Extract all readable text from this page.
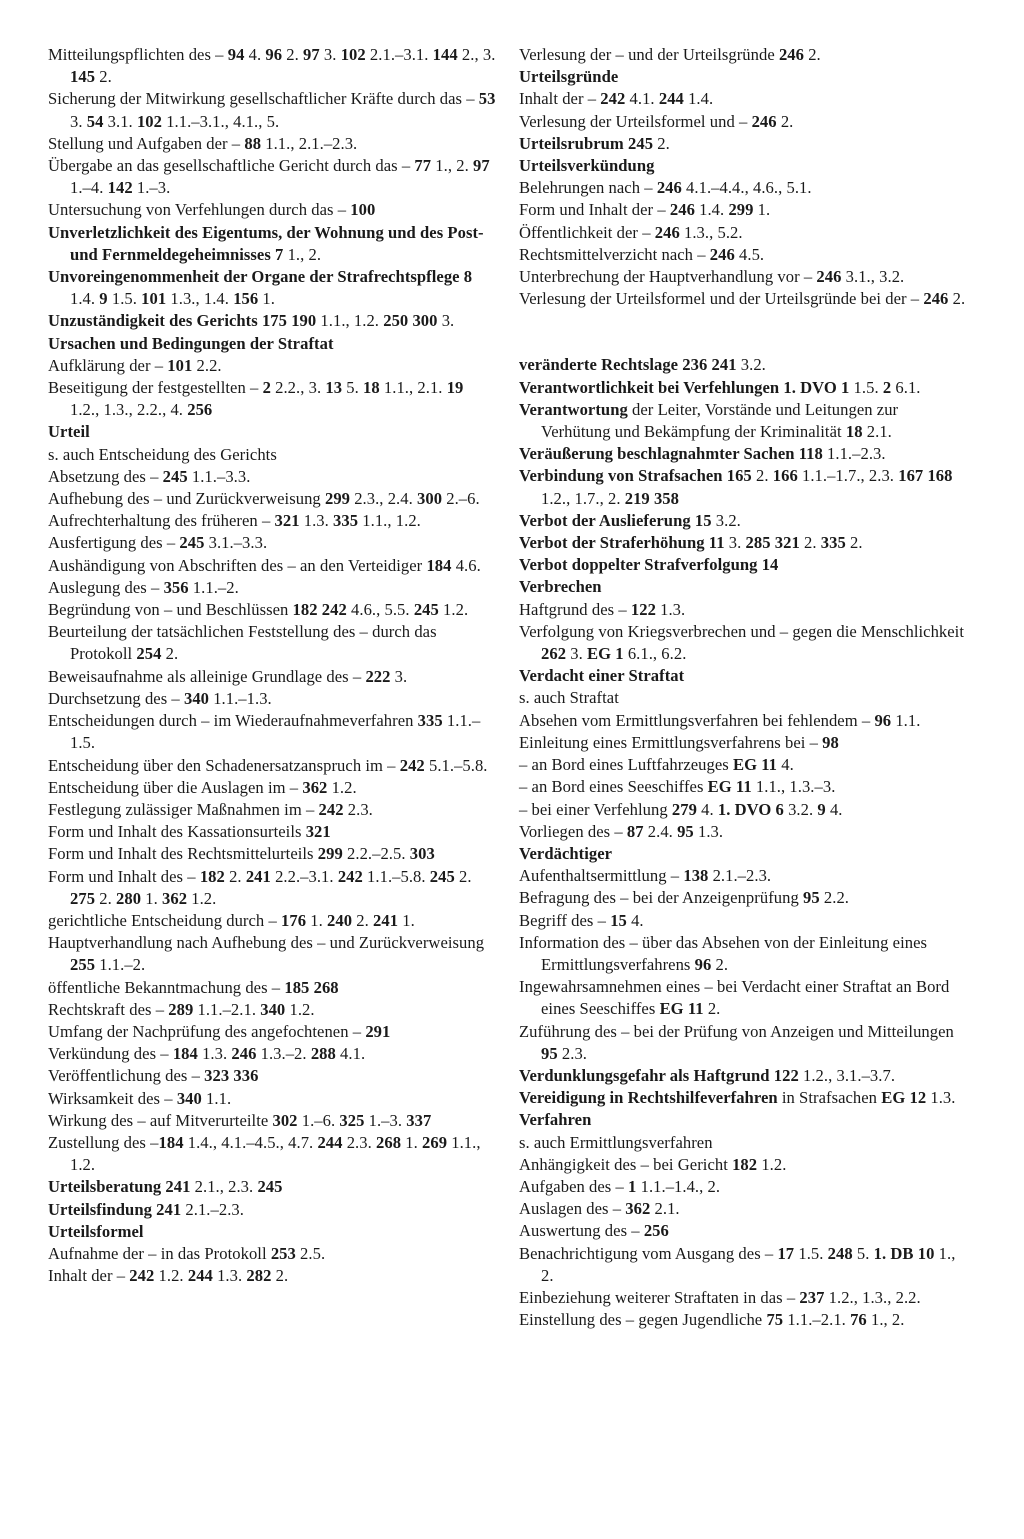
Mitteilungspflichten des – 94 4. 96 2. 97 3. 102 2.1.–3.1. 144 2., 3. 145 2.
Sicherung der Mitwirkung gesellschaftlicher Kräfte durch das – 53 3. 54 3.1. 102 1.1.–3.1., 4.1., 5.
Stellung und Aufgaben der – 88 1.1., 2.1.–2.3.
Übergabe an das gesellschaftliche Gericht durch das – 77 1., 2. 97 1.–4. 142 1.–3.
Untersuchung von Verfehlungen durch das – 100
Unverletzlichkeit des Eigentums, der Wohnung und des Post- und Fernmeldegeheimnisses 7 1., 2.
Unvoreingenommenheit der Organe der Strafrechtspflege 8 1.4. 9 1.5. 101 1.3., 1.4. 156 1.
Unzuständigkeit des Gerichts 175 190 1.1., 1.2. 250 300 3.
Ursachen und Bedingungen der Straftat
Aufklärung der – 101 2.2.
Beseitigung der festgestellten – 2 2.2., 3. 13 5. 18 1.1., 2.1. 19 1.2., 1.3., 2.2., 4. 256
Urteil
s. auch Entscheidung des Gerichts
Absetzung des – 245 1.1.–3.3.
Aufhebung des – und Zurückverweisung 299 2.3., 2.4. 300 2.–6.
Aufrechterhaltung des früheren – 321 1.3. 335 1.1., 1.2.
Ausfertigung des – 245 3.1.–3.3.
Aushändigung von Abschriften des – an den Verteidiger 184 4.6.
Auslegung des – 356 1.1.–2.
Begründung von – und Beschlüssen 182 242 4.6., 5.5. 245 1.2.
Beurteilung der tatsächlichen Feststellung des – durch das Protokoll 254 2.
Beweisaufnahme als alleinige Grundlage des – 222 3.
Durchsetzung des – 340 1.1.–1.3.
Entscheidungen durch – im Wiederaufnahmeverfahren 335 1.1.–1.5.
Entscheidung über den Schadenersatzanspruch im – 242 5.1.–5.8.
Entscheidung über die Auslagen im – 362 1.2.
Festlegung zulässiger Maßnahmen im – 242 2.3.
Form und Inhalt des Kassationsurteils 321
Form und Inhalt des Rechtsmittelurteils 299 2.2.–2.5. 303
Form und Inhalt des – 182 2. 241 2.2.–3.1. 242 1.1.–5.8. 245 2. 275 2. 280 1. 362 1.2.
gerichtliche Entscheidung durch – 176 1. 240 2. 241 1.
Hauptverhandlung nach Aufhebung des – und Zurückverweisung 255 1.1.–2.
öffentliche Bekanntmachung des – 185 268
Rechtskraft des – 289 1.1.–2.1. 340 1.2.
Umfang der Nachprüfung des angefochtenen – 291
Verkündung des – 184 1.3. 246 1.3.–2. 288 4.1.
Veröffentlichung des – 323 336
Wirksamkeit des – 340 1.1.
Wirkung des – auf Mitverurteilte 302 1.–6. 325 1.–3. 337
Zustellung des –184 1.4., 4.1.–4.5., 4.7. 244 2.3. 268 1. 269 1.1., 1.2.
Urteilsberatung 241 2.1., 2.3. 245
Urteilsfindung 241 2.1.–2.3.
Urteilsformel
Aufnahme der – in das Protokoll 253 2.5.
Inhalt der – 242 1.2. 244 1.3. 282 2.
Verlesung der – und der Urteilsgründe 246 2.
Urteilsgründe
Inhalt der – 242 4.1. 244 1.4.
Verlesung der Urteilsformel und – 246 2.
Urteilsrubrum 245 2.
Urteilsverkündung
Belehrungen nach – 246 4.1.–4.4., 4.6., 5.1.
Form und Inhalt der – 246 1.4. 299 1.
Öffentlichkeit der – 246 1.3., 5.2.
Rechtsmittelverzicht nach – 246 4.5.
Unterbrechung der Hauptverhandlung vor – 246 3.1., 3.2.
Verlesung der Urteilsformel und der Urteilsgründe bei der – 246 2.
veränderte Rechtslage 236 241 3.2.
Verantwortlichkeit bei Verfehlungen 1. DVO 1 1.5. 2 6.1.
Verantwortung der Leiter, Vorstände und Leitungen zur Verhütung und Bekämpfung der Kriminalität 18 2.1.
Veräußerung beschlagnahmter Sachen 118 1.1.–2.3.
Verbindung von Strafsachen 165 2. 166 1.1.–1.7., 2.3. 167 168 1.2., 1.7., 2. 219 358
Verbot der Auslieferung 15 3.2.
Verbot der Straferhöhung 11 3. 285 321 2. 335 2.
Verbot doppelter Strafverfolgung 14
Verbrechen
Haftgrund des – 122 1.3.
Verfolgung von Kriegsverbrechen und – gegen die Menschlichkeit 262 3. EG 1 6.1., 6.2.
Verdacht einer Straftat
s. auch Straftat
Absehen vom Ermittlungsverfahren bei fehlendem – 96 1.1.
Einleitung eines Ermittlungsverfahrens bei – 98
– an Bord eines Luftfahrzeuges EG 11 4.
– an Bord eines Seeschiffes EG 11 1.1., 1.3.–3.
– bei einer Verfehlung 279 4. 1. DVO 6 3.2. 9 4.
Vorliegen des – 87 2.4. 95 1.3.
Verdächtiger
Aufenthaltsermittlung – 138 2.1.–2.3.
Befragung des – bei der Anzeigenprüfung 95 2.2.
Begriff des – 15 4.
Information des – über das Absehen von der Einleitung eines Ermittlungsverfahrens 96 2.
Ingewahrsamnehmen eines – bei Verdacht einer Straftat an Bord eines Seeschiffes EG 11 2.
Zuführung des – bei der Prüfung von Anzeigen und Mitteilungen 95 2.3.
Verdunklungsgefahr als Haftgrund 122 1.2., 3.1.–3.7.
Vereidigung in Rechtshilfeverfahren in Strafsachen EG 12 1.3.
Verfahren
s. auch Ermittlungsverfahren
Anhängigkeit des – bei Gericht 182 1.2.
Aufgaben des – 1 1.1.–1.4., 2.
Auslagen des – 362 2.1.
Auswertung des – 256
Benachrichtigung vom Ausgang des – 17 1.5. 248 5. 1. DB 10 1., 2.
Einbeziehung weiterer Straftaten in das – 237 1.2., 1.3., 2.2.
Einstellung des – gegen Jugendliche 75 1.1.–2.1. 76 1., 2.
